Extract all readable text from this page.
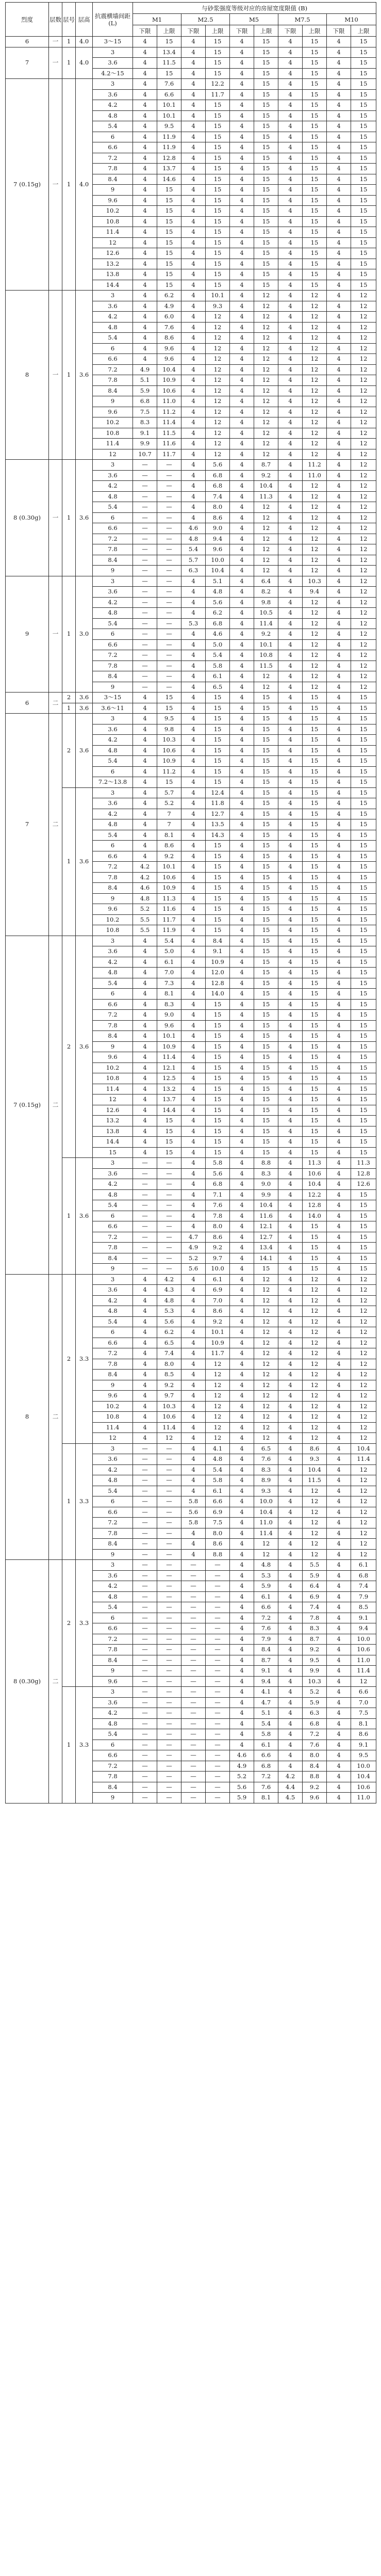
烈度	层数	层号	层高	抗震横墙间距 (L)	与砂浆强度等级对应的房屋宽度限值 (B)									
					M1		M2.5		M5		M7.5		M10	
					下限	上限	下限	上限	下限	上限	下限	上限	下限	上限
6	一	1	4.0	3～15	4	15	4	15	4	15	4	15	4	15
7	一	1	4.0	3	4	13.4	4	15	4	15	4	15	4	15
				3.6	4	11.5	4	15	4	15	4	15	4	15
				4.2～15	4	15	4	15	4	15	4	15	4	15
7 (0.15g)	一	1	4.0	3	4	7.6	4	12.2	4	15	4	15	4	15
				3.6	4	6.6	4	11.7	4	15	4	15	4	15
				4.2	4	10.1	4	15	4	15	4	15	4	15
				4.8	4	10.1	4	15	4	15	4	15	4	15
				5.4	4	9.5	4	15	4	15	4	15	4	15
				6	4	11.9	4	15	4	15	4	15	4	15
				6.6	4	11.9	4	15	4	15	4	15	4	15
				7.2	4	12.8	4	15	4	15	4	15	4	15
				7.8	4	13.7	4	15	4	15	4	15	4	15
				8.4	4	14.6	4	15	4	15	4	15	4	15
				9	4	15	4	15	4	15	4	15	4	15
				9.6	4	15	4	15	4	15	4	15	4	15
				10.2	4	15	4	15	4	15	4	15	4	15
				10.8	4	15	4	15	4	15	4	15	4	15
				11.4	4	15	4	15	4	15	4	15	4	15
				12	4	15	4	15	4	15	4	15	4	15
				12.6	4	15	4	15	4	15	4	15	4	15
				13.2	4	15	4	15	4	15	4	15	4	15
				13.8	4	15	4	15	4	15	4	15	4	15
				14.4	4	15	4	15	4	15	4	15	4	15
8	一	1	3.6	3	4	6.2	4	10.1	4	12	4	12	4	12
				3.6	4	4.9	4	9.3	4	12	4	12	4	12
				4.2	4	6.0	4	12	4	12	4	12	4	12
				4.8	4	7.6	4	12	4	12	4	12	4	12
				5.4	4	8.6	4	12	4	12	4	12	4	12
				6	4	9.6	4	12	4	12	4	12	4	12
				6.6	4	9.6	4	12	4	12	4	12	4	12
				7.2	4.9	10.4	4	12	4	12	4	12	4	12
				7.8	5.1	10.9	4	12	4	12	4	12	4	12
				8.4	5.9	10.6	4	12	4	12	4	12	4	12
				9	6.8	11.0	4	12	4	12	4	12	4	12
				9.6	7.5	11.2	4	12	4	12	4	12	4	12
				10.2	8.3	11.4	4	12	4	12	4	12	4	12
				10.8	9.1	11.5	4	12	4	12	4	12	4	12
				11.4	9.9	11.6	4	12	4	12	4	12	4	12
				12	10.7	11.7	4	12	4	12	4	12	4	12
8 (0.30g)	一	1	3.6	3	—	—	4	5.6	4	8.7	4	11.2	4	12
				3.6	—	—	4	6.8	4	9.2	4	11.0	4	12
				4.2	—	—	4	6.8	4	10.4	4	12	4	12
				4.8	—	—	4	7.4	4	11.3	4	12	4	12
				5.4	—	—	4	8.0	4	12	4	12	4	12
				6	—	—	4	8.6	4	12	4	12	4	12
				6.6	—	—	4.6	9.0	4	12	4	12	4	12
				7.2	—	—	4.8	9.4	4	12	4	12	4	12
				7.8	—	—	5.4	9.6	4	12	4	12	4	12
				8.4	—	—	5.7	10.0	4	12	4	12	4	12
				9	—	—	6.3	10.4	4	12	4	12	4	12
9	一	1	3.0	3	—	—	4	5.1	4	6.4	4	10.3	4	12
				3.6	—	—	4	4.8	4	8.2	4	9.4	4	12
				4.2	—	—	4	5.6	4	9.8	4	12	4	12
				4.8	—	—	4	6.2	4	10.5	4	12	4	12
				5.4	—	—	5.3	6.8	4	11.4	4	12	4	12
				6	—	—	4	4.6	4	9.2	4	12	4	12
				6.6	—	—	4	5.0	4	10.1	4	12	4	12
				7.2	—	—	4	5.4	4	10.8	4	12	4	12
				7.8	—	—	4	5.8	4	11.5	4	12	4	12
				8.4	—	—	4	6.1	4	12	4	12	4	12
				9	—	—	4	6.5	4	12	4	12	4	12
6	二	2	3.6	3～15	4	15	4	15	4	15	4	15	4	15
		1	3.6	3.6～11	4	15	4	15	4	15	4	15	4	15
7	二	2	3.6	3	4	9.5	4	15	4	15	4	15	4	15
				3.6	4	9.8	4	15	4	15	4	15	4	15
				4.2	4	10.3	4	15	4	15	4	15	4	15
				4.8	4	10.6	4	15	4	15	4	15	4	15
				5.4	4	10.9	4	15	4	15	4	15	4	15
				6	4	11.2	4	15	4	15	4	15	4	15
				7.2～13.8	4	15	4	15	4	15	4	15	4	15
		1	3.6	3	4	5.7	4	12.4	4	15	4	15	4	15
				3.6	4	5.2	4	11.8	4	15	4	15	4	15
				4.2	4	7	4	12.7	4	15	4	15	4	15
				4.8	4	7	4	13.5	4	15	4	15	4	15
				5.4	4	8.1	4	14.3	4	15	4	15	4	15
				6	4	8.6	4	15	4	15	4	15	4	15
				6.6	4	9.2	4	15	4	15	4	15	4	15
				7.2	4.2	10.1	4	15	4	15	4	15	4	15
				7.8	4.2	10.6	4	15	4	15	4	15	4	15
				8.4	4.6	10.9	4	15	4	15	4	15	4	15
				9	4.8	11.3	4	15	4	15	4	15	4	15
				9.6	5.2	11.6	4	15	4	15	4	15	4	15
				10.2	5.5	11.7	4	15	4	15	4	15	4	15
				10.8	5.5	11.9	4	15	4	15	4	15	4	15
7 (0.15g)	二	2	3.6	3	4	5.4	4	8.4	4	15	4	15	4	15
				3.6	4	5.0	4	9.1	4	15	4	15	4	15
				4.2	4	6.1	4	10.9	4	15	4	15	4	15
				4.8	4	7.0	4	12.0	4	15	4	15	4	15
				5.4	4	7.3	4	12.8	4	15	4	15	4	15
				6	4	8.1	4	14.0	4	15	4	15	4	15
				6.6	4	8.3	4	15	4	15	4	15	4	15
				7.2	4	9.0	4	15	4	15	4	15	4	15
				7.8	4	9.6	4	15	4	15	4	15	4	15
				8.4	4	10.1	4	15	4	15	4	15	4	15
				9	4	10.9	4	15	4	15	4	15	4	15
				9.6	4	11.4	4	15	4	15	4	15	4	15
				10.2	4	12.1	4	15	4	15	4	15	4	15
				10.8	4	12.5	4	15	4	15	4	15	4	15
				11.4	4	13.2	4	15	4	15	4	15	4	15
				12	4	13.7	4	15	4	15	4	15	4	15
				12.6	4	14.4	4	15	4	15	4	15	4	15
				13.2	4	15	4	15	4	15	4	15	4	15
				13.8	4	15	4	15	4	15	4	15	4	15
				14.4	4	15	4	15	4	15	4	15	4	15
				15	4	15	4	15	4	15	4	15	4	15
		1	3.6	3	—	—	4	5.8	4	8.8	4	11.3	4	11.3
				3.6	—	—	4	5.6	4	8.3	4	10.6	4	12.8
				4.2	—	—	4	6.8	4	9.0	4	10.4	4	12.6
				4.8	—	—	4	7.1	4	9.9	4	12.2	4	15
				5.4	—	—	4	7.6	4	10.4	4	12.8	4	15
				6	—	—	4	7.8	4	11.6	4	14.0	4	15
				6.6	—	—	4	8.0	4	12.1	4	15	4	15
				7.2	—	—	4.7	8.6	4	12.7	4	15	4	15
				7.8	—	—	4.9	9.2	4	13.4	4	15	4	15
				8.4	—	—	5.2	9.7	4	14.1	4	15	4	15
				9	—	—	5.6	10.0	4	15	4	15	4	15
8	二	2	3.3	3	4	4.2	4	6.1	4	12	4	12	4	12
				3.6	4	4.3	4	6.9	4	12	4	12	4	12
				4.2	4	4.8	4	7.0	4	12	4	12	4	12
				4.8	4	5.3	4	8.6	4	12	4	12	4	12
				5.4	4	5.6	4	9.2	4	12	4	12	4	12
				6	4	6.2	4	10.1	4	12	4	12	4	12
				6.6	4	6.5	4	10.9	4	12	4	12	4	12
				7.2	4	7.4	4	11.7	4	12	4	12	4	12
				7.8	4	8.0	4	12	4	12	4	12	4	12
				8.4	4	8.5	4	12	4	12	4	12	4	12
				9	4	9.2	4	12	4	12	4	12	4	12
				9.6	4	9.7	4	12	4	12	4	12	4	12
				10.2	4	10.3	4	12	4	12	4	12	4	12
				10.8	4	10.6	4	12	4	12	4	12	4	12
				11.4	4	11.4	4	12	4	12	4	12	4	12
				12	4	12	4	12	4	12	4	12	4	12
		1	3.3	3	—	—	4	4.1	4	6.5	4	8.6	4	10.4
				3.6	—	—	4	4.8	4	7.6	4	9.3	4	11.4
				4.2	—	—	4	5.4	4	8.3	4	10.4	4	12
				4.8	—	—	4	5.8	4	8.9	4	11.5	4	12
				5.4	—	—	4	6.1	4	9.3	4	12	4	12
				6	—	—	5.8	6.6	4	10.0	4	12	4	12
				6.6	—	—	5.6	6.9	4	10.4	4	12	4	12
				7.2	—	—	5.8	7.5	4	11.0	4	12	4	12
				7.8	—	—	4	8.0	4	11.4	4	12	4	12
				8.4	—	—	4	8.6	4	12	4	12	4	12
				9	—	—	4	8.8	4	12	4	12	4	12
8 (0.30g)	二	2	3.3	3	—	—	—	—	4	4.8	4	5.5	4	6.1
				3.6	—	—	—	—	4	5.3	4	5.9	4	6.8
				4.2	—	—	—	—	4	5.9	4	6.4	4	7.4
				4.8	—	—	—	—	4	6.1	4	6.9	4	7.9
				5.4	—	—	—	—	4	6.6	4	7.4	4	8.5
				6	—	—	—	—	4	7.2	4	7.8	4	9.1
				6.6	—	—	—	—	4	7.6	4	8.3	4	9.4
				7.2	—	—	—	—	4	7.9	4	8.7	4	10.0
				7.8	—	—	—	—	4	8.4	4	9.2	4	10.6
				8.4	—	—	—	—	4	8.7	4	9.5	4	11.0
				9	—	—	—	—	4	9.1	4	9.9	4	11.4
				9.6	—	—	—	—	4	9.4	4	10.3	4	12
		1	3.3	3	—	—	—	—	4	4.1	4	5.2	4	6.6
				3.6	—	—	—	—	4	4.7	4	5.9	4	7.0
				4.2	—	—	—	—	4	5.1	4	6.3	4	7.5
				4.8	—	—	—	—	4	5.4	4	6.8	4	8.1
				5.4	—	—	—	—	4	5.8	4	7.2	4	8.6
				6	—	—	—	—	4	6.1	4	7.6	4	9.1
				6.6	—	—	—	—	4.6	6.6	4	8.0	4	9.5
				7.2	—	—	—	—	4.9	6.8	4	8.4	4	10.0
				7.8	—	—	—	—	5.2	7.2	4.2	8.8	4	10.4
				8.4	—	—	—	—	5.6	7.6	4.4	9.2	4	10.6
				9	—	—	—	—	5.9	8.1	4.5	9.6	4	11.0
